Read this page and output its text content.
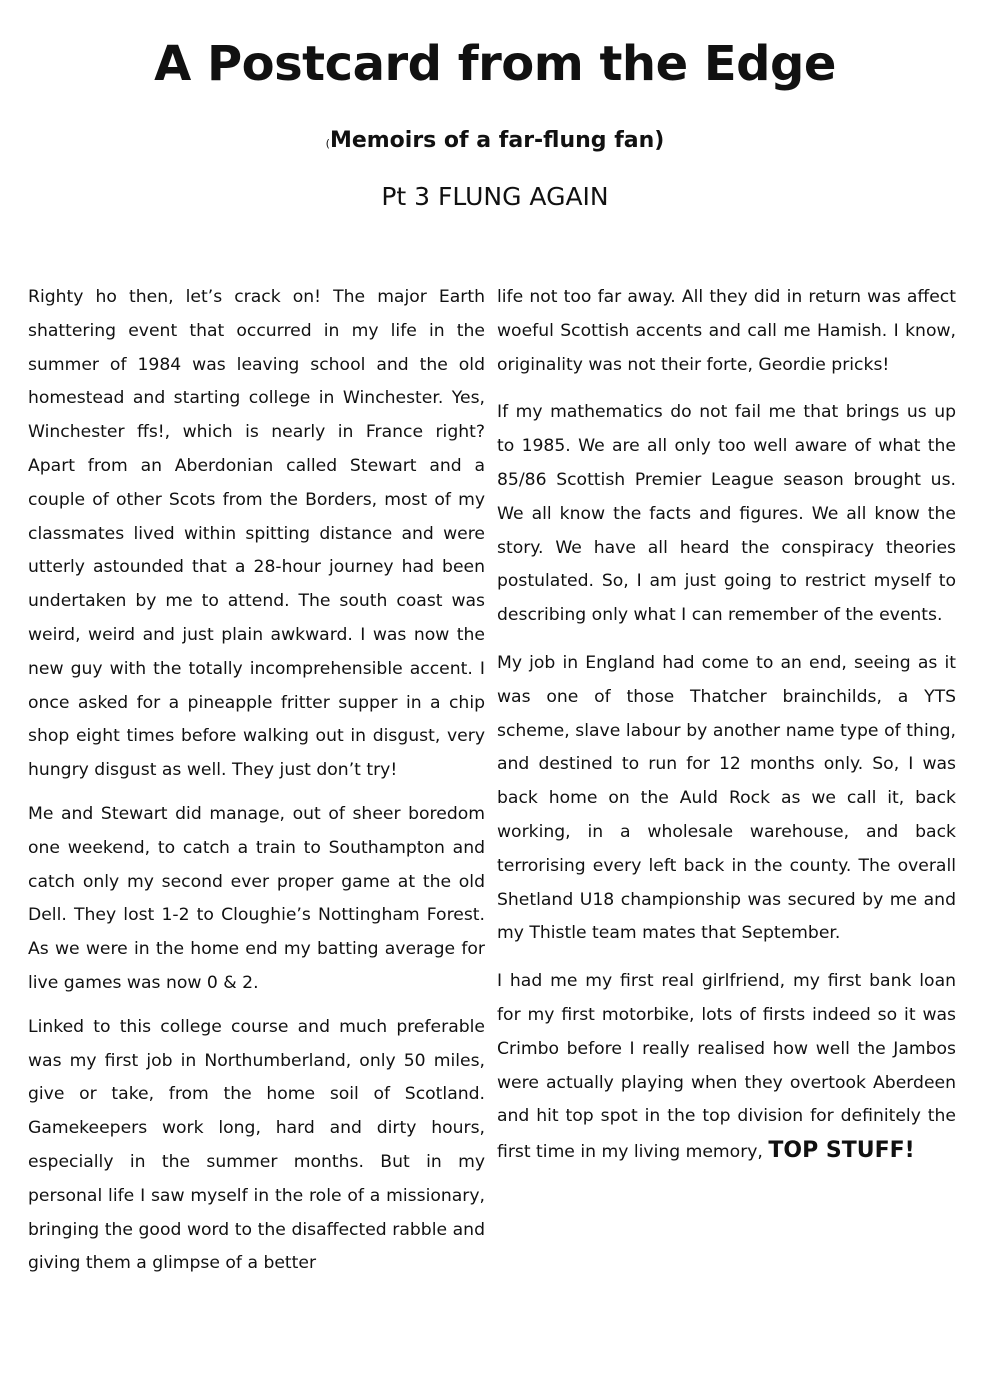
A Postcard from the Edge
(Memoirs of a far-flung fan)
Pt 3 FLUNG AGAIN

Righty ho then, let’s crack on! The major Earth shattering event that occurred in my life in the summer of 1984 was leaving school and the old homestead and starting college in Winchester. Yes, Winchester ffs!, which is nearly in France right? Apart from an Aberdonian called Stewart and a couple of other Scots from the Borders, most of my classmates lived within spitting distance and were utterly astounded that a 28-hour journey had been undertaken by me to attend. The south coast was weird, weird and just plain awkward. I was now the new guy with the totally incomprehensible accent. I once asked for a pineapple fritter supper in a chip shop eight times before walking out in disgust, very hungry disgust as well. They just don’t try!

Me and Stewart did manage, out of sheer boredom one weekend, to catch a train to Southampton and catch only my second ever proper game at the old Dell. They lost 1-2 to Cloughie’s Nottingham Forest. As we were in the home end my batting average for live games was now 0 & 2.

Linked to this college course and much preferable was my first job in Northumberland, only 50 miles, give or take, from the home soil of Scotland. Gamekeepers work long, hard and dirty hours, especially in the summer months. But in my personal life I saw myself in the role of a missionary, bringing the good word to the disaffected rabble and giving them a glimpse of a better

life not too far away. All they did in return was affect woeful Scottish accents and call me Hamish. I know, originality was not their forte, Geordie pricks!

If my mathematics do not fail me that brings us up to 1985. We are all only too well aware of what the 85/86 Scottish Premier League season brought us. We all know the facts and figures. We all know the story. We have all heard the conspiracy theories postulated. So, I am just going to restrict myself to describing only what I can remember of the events.

My job in England had come to an end, seeing as it was one of those Thatcher brainchilds, a YTS scheme, slave labour by another name type of thing, and destined to run for 12 months only. So, I was back home on the Auld Rock as we call it, back working, in a wholesale warehouse, and back terrorising every left back in the county. The overall Shetland U18 championship was secured by me and my Thistle team mates that September.

I had me my first real girlfriend, my first bank loan for my first motorbike, lots of firsts indeed so it was Crimbo before I really realised how well the Jambos were actually playing when they overtook Aberdeen and hit top spot in the top division for definitely the first time in my living memory, TOP STUFF!
